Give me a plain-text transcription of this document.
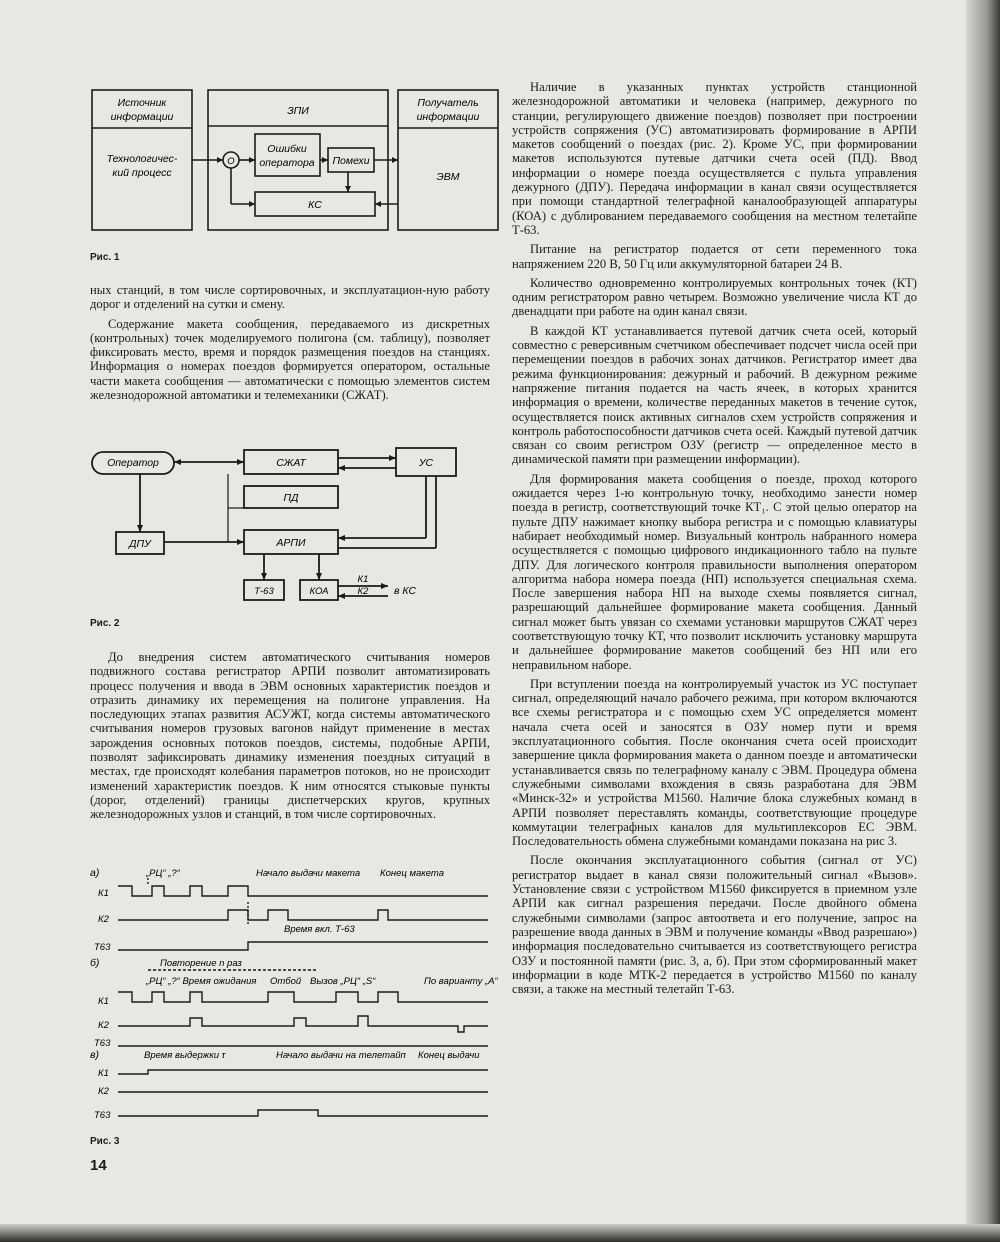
Источник
информации
Технологичес-
кий процесс
ЗПИ
Получатель
информации
ЭВМ
Ошибки
оператора Помехи
КС
О
Рис. 1

ных станций, в том числе сортировочных, и эксплуатацион-ную работу дорог и отделений на сутки и смену.

Содержание макета сообщения, передаваемого из дискретных (контрольных) точек моделируемого полигона (см. таблицу), позволяет фиксировать место, время и порядок размещения поездов на станциях. Информация о номерах поездов формируется оператором, остальные части макета сообщения — автоматически с помощью элементов систем железнодорожной автоматики и телемеханики (СЖАТ).

Оператор	СЖАТ	УС
ПД
ДПУ	АРПИ
Т-63	КОА
К1
К2 в КС
Рис. 2

До внедрения систем автоматического считывания номеров подвижного состава регистратор АРПИ позволит автоматизировать процесс получения и ввода в ЭВМ основных характеристик поездов и отразить динамику их перемещения на полигоне управления. На последующих этапах развития АСУЖТ, когда системы автоматического считывания номеров грузовых вагонов найдут применение в местах зарождения основных потоков поездов, системы, подобные АРПИ, позволят зафиксировать динамику изменения поездных ситуаций в местах, где происходят колебания параметров потоков, но не происходит изменений характеристик поездов. К ним относятся стыковые пункты (дорог, отделений) границы диспетчерских кругов, крупных железнодорожных узлов и станций, в том числе сортировочных.

а)
К1
К2
Т63
„РЦ“ „?“	Начало выдачи макета Конец макета
Время вкл. Т-63
б)
К1
К2
Т63
Повторение n раз
„РЦ“ „?“ Время ожидания Отбой Вызов „РЦ“ „S“	По варианту „А“
в)
К1
К2
Т63
Время выдержки τ	Начало выдачи на телетайп Конец выдачи
Рис. 3
14

Наличие в указанных пунктах устройств станционной железнодорожной автоматики и человека (например, дежурного по станции, регулирующего движение поездов) позволяет при построении устройств сопряжения (УС) автоматизировать формирование в АРПИ макетов сообщений о поездах (рис. 2). Кроме УС, при формировании макетов используются путевые датчики счета осей (ПД). Ввод информации о номере поезда осуществляется с пульта управления дежурного (ДПУ). Передача информации в канал связи осуществляется при помощи стандартной телеграфной каналообразующей аппаратуры (КОА) с дублированием передаваемого сообщения на местном телетайпе Т-63.

Питание на регистратор подается от сети переменного тока напряжением 220 В, 50 Гц или аккумуляторной батареи 24 В.

Количество одновременно контролируемых контрольных точек (КТ) одним регистратором равно четырем. Возможно увеличение числа КТ до двенадцати при работе на один канал связи.

В каждой КТ устанавливается путевой датчик счета осей, который совместно с реверсивным счетчиком обеспечивает подсчет числа осей при перемещении поездов в рабочих зонах датчиков. Регистратор имеет два режима функционирования: дежурный и рабочий. В дежурном режиме напряжение питания подается на часть ячеек, в которых хранится информация о времени, количестве переданных макетов в течение суток, осуществляется поиск активных сигналов схем устройств сопряжения и контроль работоспособности датчиков счета осей. Каждый путевой датчик связан со своим регистром ОЗУ (регистр — определенное место в динамической памяти при размещении информации).

Для формирования макета сообщения о поезде, проход которого ожидается через 1-ю контрольную точку, необходимо занести номер поезда в регистр, соответствующий точке КТ₁. С этой целью оператор на пульте ДПУ нажимает кнопку выбора регистра и с помощью клавиатуры набирает необходимый номер. Визуальный контроль набранного номера осуществляется с помощью цифрового индикационного табло на пульте ДПУ. Для логического контроля правильности выполнения оператором алгоритма набора номера поезда (НП) используется специальная схема. После завершения набора НП на выходе схемы появляется сигнал, разрешающий дальнейшее формирование макета сообщения. Данный сигнал может быть увязан со схемами установки маршрутов СЖАТ через соответствующую точку КТ, что позволит исключить установку маршрута и дальнейшее формирование макетов сообщений без НП или его неправильном наборе.

При вступлении поезда на контролируемый участок из УС поступает сигнал, определяющий начало рабочего режима, при котором включаются все схемы регистратора и с помощью схем УС определяется момент начала счета осей и заносятся в ОЗУ номер пути и время эксплуатационного события. После окончания счета осей происходит завершение цикла формирования макета о данном поезде и автоматически устанавливается связь по телеграфному каналу с ЭВМ. Процедура обмена служебными символами вхождения в связь разработана для ЭВМ «Минск-32» и устройства М1560. Наличие блока служебных команд в АРПИ позволяет переставлять команды, соответствующие процедуре коммутации телеграфных каналов для мультиплексоров ЕС ЭВМ. Последовательность обмена служебными командами показана на рис 3.

После окончания эксплуатационного события (сигнал от УС) регистратор выдает в канал связи положительный сигнал «Вызов». Установление связи с устройством М1560 фиксируется в приемном узле АРПИ как сигнал разрешения передачи. После двойного обмена служебными символами (запрос автоответа и его получение, запрос на разрешение ввода данных в ЭВМ и получение команды «Ввод разрешаю») информация последовательно считывается из соответствующего регистра ОЗУ и постоянной памяти (рис. 3, а, б). При этом сформированный макет информации в коде МТК-2 передается в устройство М1560 по каналу связи, а также на местный телетайп Т-63.
